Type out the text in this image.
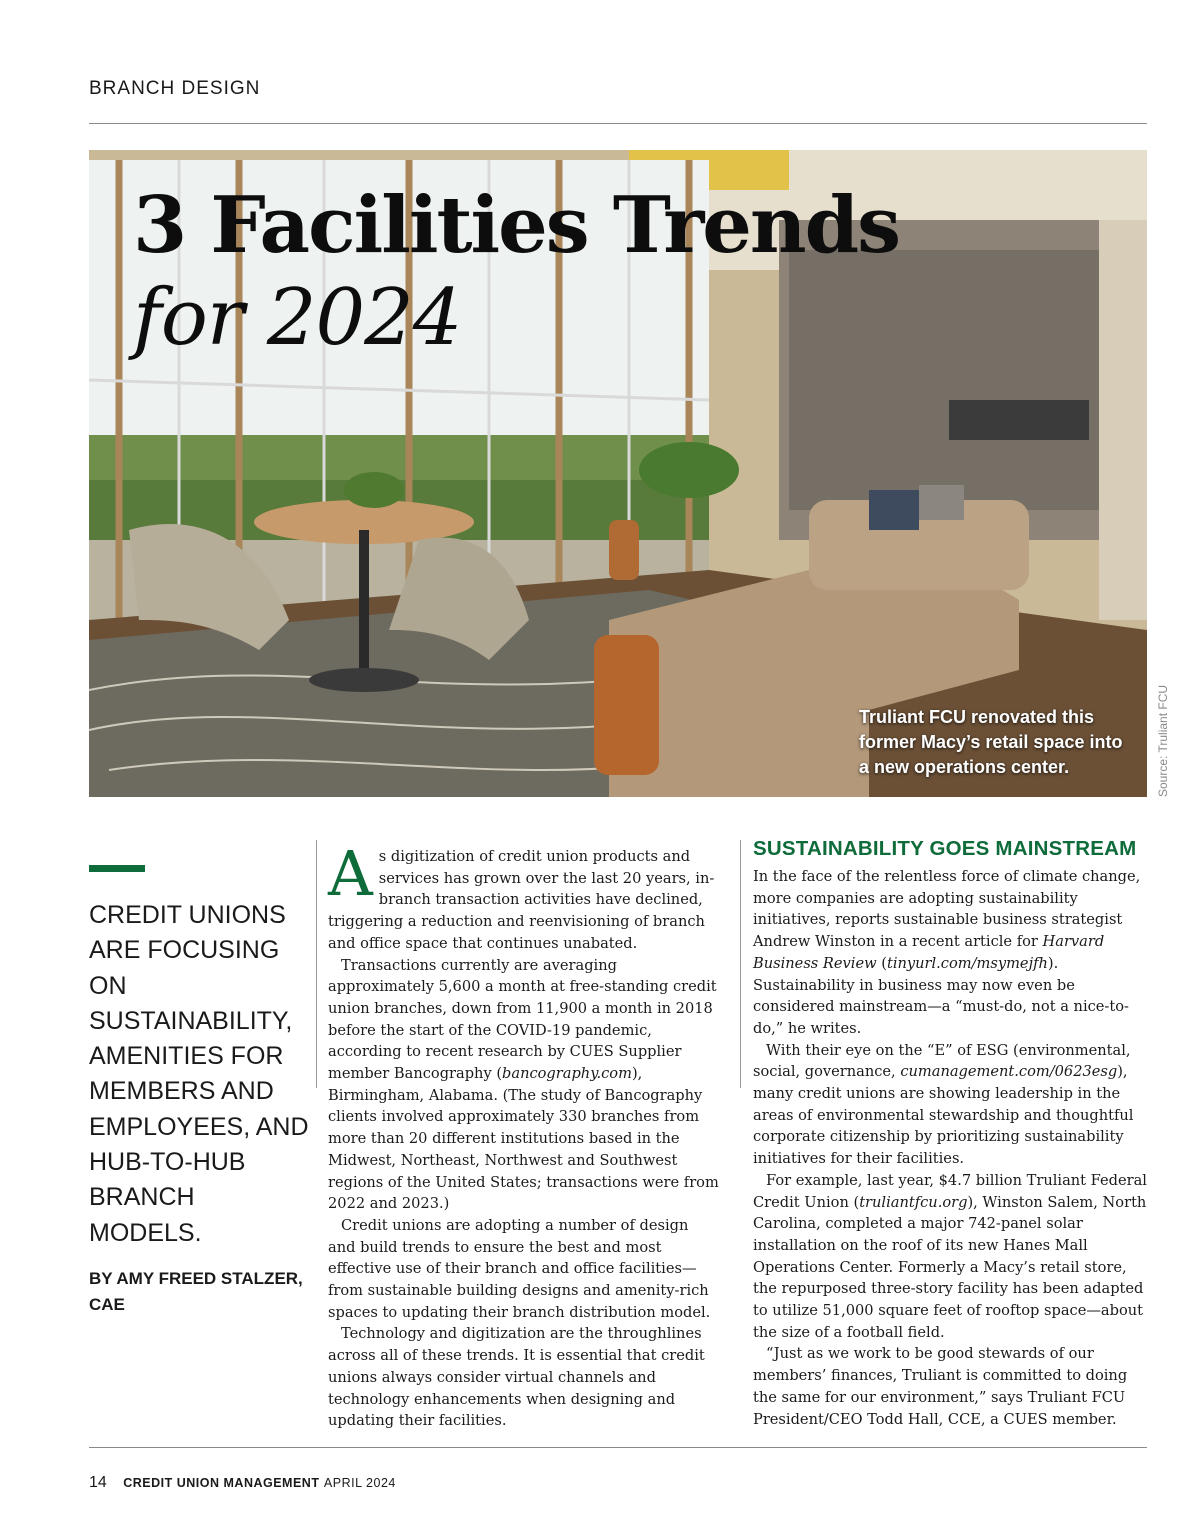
BRANCH DESIGN
3 Facilities Trends
for 2024
Truliant FCU renovated this former Macy’s retail space into a new operations center.	Source: Truliant FCU

CREDIT UNIONS ARE FOCUSING ON SUSTAINABILITY, AMENITIES FOR MEMBERS AND EMPLOYEES, AND HUB-TO-HUB BRANCH MODELS.

BY AMY FREED STALZER, CAE

As digitization of credit union products and services has grown over the last 20 years, in-branch transaction activities have declined, triggering a reduction and reenvisioning of branch and office space that continues unabated.

Transactions currently are averaging approximately 5,600 a month at free-standing credit union branches, down from 11,900 a month in 2018 before the start of the COVID-19 pandemic, according to recent research by CUES Supplier member Bancography (bancography.com), Birmingham, Alabama. (The study of Bancography clients involved approximately 330 branches from more than 20 different institutions based in the Midwest, Northeast, Northwest and Southwest regions of the United States; transactions were from 2022 and 2023.)

Credit unions are adopting a number of design and build trends to ensure the best and most effective use of their branch and office facilities—from sustainable building designs and amenity-rich spaces to updating their branch distribution model.

Technology and digitization are the throughlines across all of these trends. It is essential that credit unions always consider virtual channels and technology enhancements when designing and updating their facilities.

SUSTAINABILITY GOES MAINSTREAM

In the face of the relentless force of climate change, more companies are adopting sustainability initiatives, reports sustainable business strategist Andrew Winston in a recent article for Harvard Business Review (tinyurl.com/msymejfh). Sustainability in business may now even be considered mainstream—a “must-do, not a nice-to-do,” he writes.

With their eye on the “E” of ESG (environmental, social, governance, cumanagement.com/0623esg), many credit unions are showing leadership in the areas of environmental stewardship and thoughtful corporate citizenship by prioritizing sustainability initiatives for their facilities.

For example, last year, $4.7 billion Truliant Federal Credit Union (truliantfcu.org), Winston Salem, North Carolina, completed a major 742-panel solar installation on the roof of its new Hanes Mall Operations Center. Formerly a Macy’s retail store, the repurposed three-story facility has been adapted to utilize 51,000 square feet of rooftop space—about the size of a football field.

“Just as we work to be good stewards of our members’ finances, Truliant is committed to doing the same for our environment,” says Truliant FCU President/CEO Todd Hall, CCE, a CUES member.

14 CREDIT UNION MANAGEMENT APRIL 2024
